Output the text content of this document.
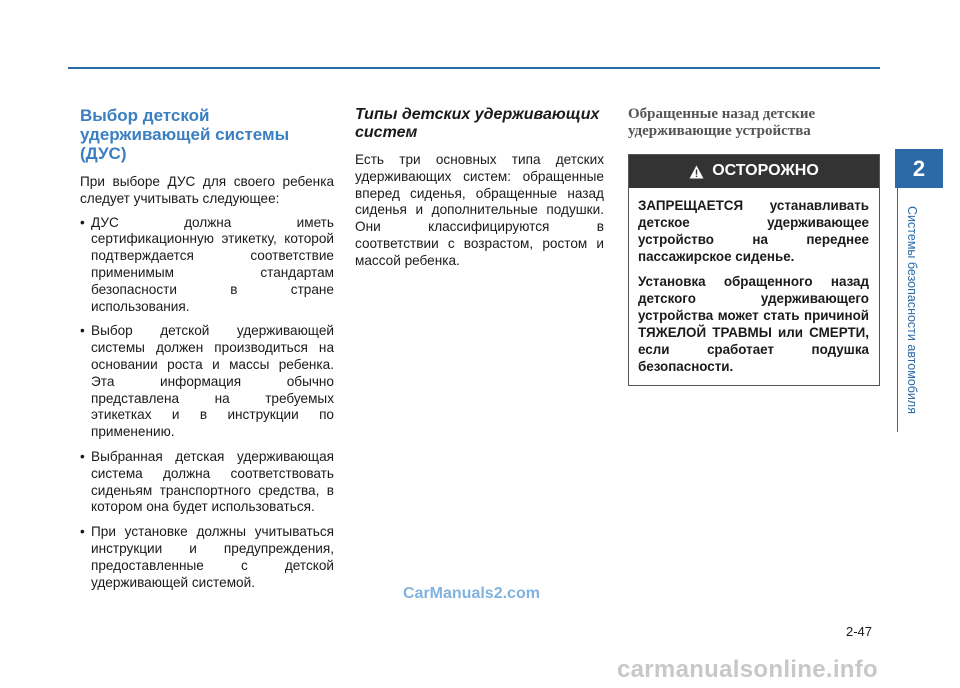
Выбор детской
удерживающей системы (ДУС)

При выборе ДУС для своего ребенка следует учитывать следующее:

• ДУС должна иметь сертификационную этикетку, которой подтверждается соответствие применимым стандартам безопасности в стране использования.
• Выбор детской удерживающей системы должен производиться на основании роста и массы ребенка. Эта информация обычно представлена на требуемых этикетках и в инструкции по применению.
• Выбранная детская удерживающая система должна соответствовать сиденьям транспортного средства, в котором она будет использоваться.
• При установке должны учитываться инструкции и предупреждения, предоставленные с детской удерживающей системой.
Типы детских удерживающих систем

Есть три основных типа детских удерживающих систем: обращенные вперед сиденья, обращенные назад сиденья и дополнительные подушки. Они классифицируются в соответствии с возрастом, ростом и массой ребенка.

Обращенные назад детские
удерживающие устройства
ОСТОРОЖНО

ЗАПРЕЩАЕТСЯ устанавливать детское удерживающее устройство на переднее пассажирское сиденье.

Установка обращенного назад детского удерживающего устройства может стать причиной ТЯЖЕЛОЙ ТРАВМЫ или СМЕРТИ, если сработает подушка безопасности.

2
Системы безопасности автомобиля
2-47
CarManuals2.com
carmanualsonline.info
